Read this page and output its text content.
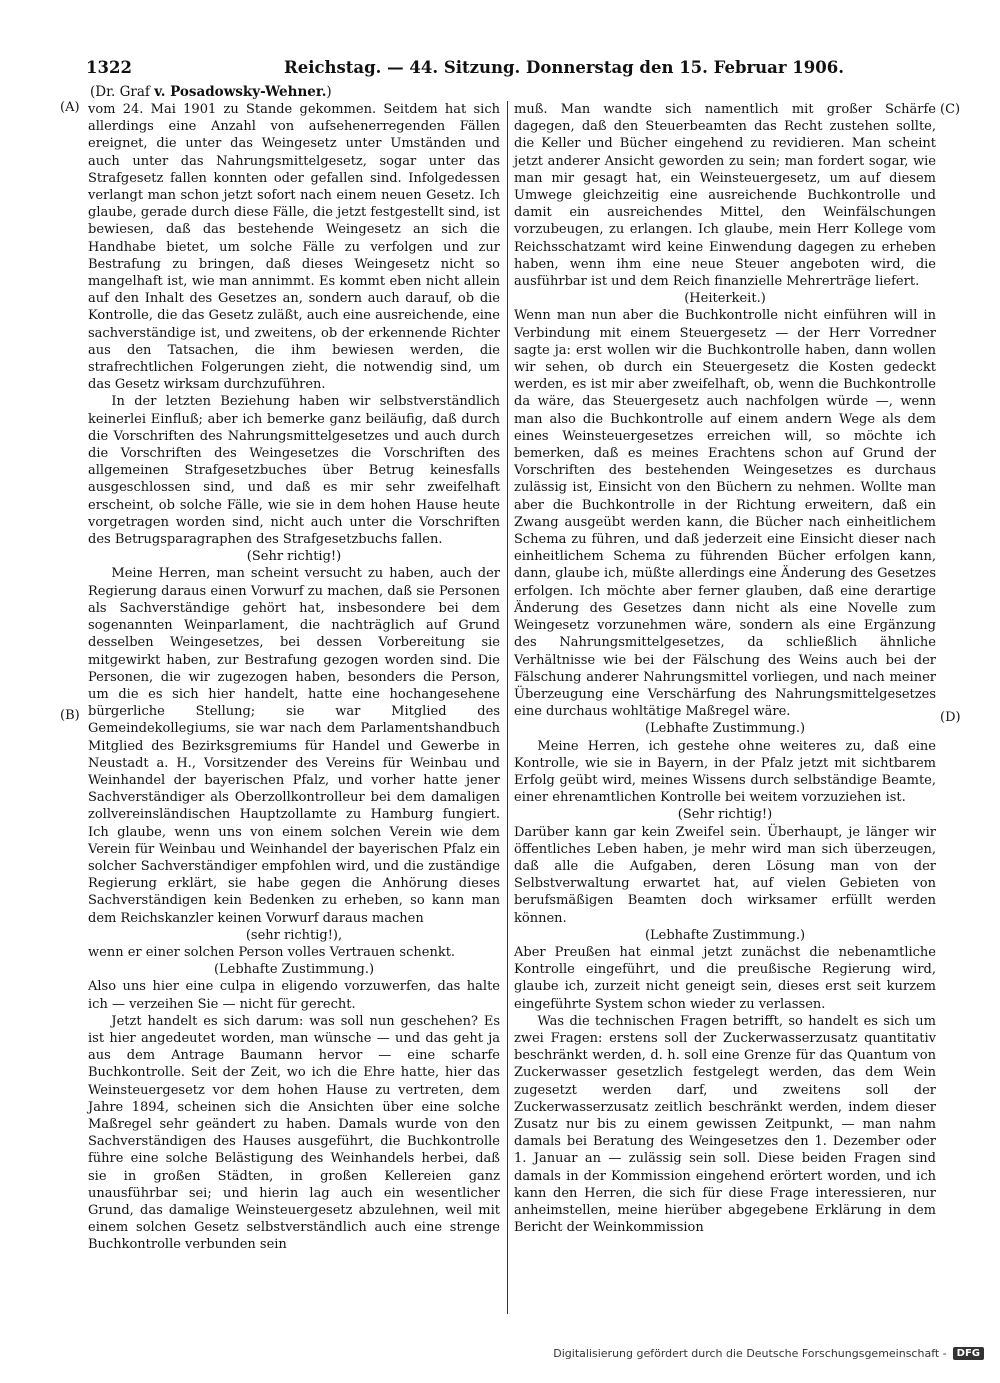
1322	Reichstag. — 44. Sitzung. Donnerstag den 15. Februar 1906.
(Dr. Graf v. Posadowsky-Wehner.)
(A)
(B)
(C)
(D)

vom 24. Mai 1901 zu Stande gekommen. Seitdem hat sich allerdings eine Anzahl von aufsehenerregenden Fällen ereignet, die unter das Weingesetz unter Umständen und auch unter das Nahrungsmittelgesetz, sogar unter das Strafgesetz fallen konnten oder gefallen sind. Infolgedessen verlangt man schon jetzt sofort nach einem neuen Gesetz. Ich glaube, gerade durch diese Fälle, die jetzt festgestellt sind, ist bewiesen, daß das bestehende Weingesetz an sich die Handhabe bietet, um solche Fälle zu verfolgen und zur Bestrafung zu bringen, daß dieses Weingesetz nicht so mangelhaft ist, wie man annimmt. Es kommt eben nicht allein auf den Inhalt des Gesetzes an, sondern auch darauf, ob die Kontrolle, die das Gesetz zuläßt, auch eine ausreichende, eine sachverständige ist, und zweitens, ob der erkennende Richter aus den Tatsachen, die ihm bewiesen werden, die strafrechtlichen Folgerungen zieht, die notwendig sind, um das Gesetz wirksam durchzuführen.

In der letzten Beziehung haben wir selbstverständlich keinerlei Einfluß; aber ich bemerke ganz beiläufig, daß durch die Vorschriften des Nahrungsmittelgesetzes und auch durch die Vorschriften des Weingesetzes die Vorschriften des allgemeinen Strafgesetzbuches über Betrug keinesfalls ausgeschlossen sind, und daß es mir sehr zweifelhaft erscheint, ob solche Fälle, wie sie in dem hohen Hause heute vorgetragen worden sind, nicht auch unter die Vorschriften des Betrugsparagraphen des Strafgesetzbuchs fallen.

(Sehr richtig!)

Meine Herren, man scheint versucht zu haben, auch der Regierung daraus einen Vorwurf zu machen, daß sie Personen als Sachverständige gehört hat, insbesondere bei dem sogenannten Weinparlament, die nachträglich auf Grund desselben Weingesetzes, bei dessen Vorbereitung sie mitgewirkt haben, zur Bestrafung gezogen worden sind. Die Personen, die wir zugezogen haben, besonders die Person, um die es sich hier handelt, hatte eine hochangesehene bürgerliche Stellung; sie war Mitglied des Gemeindekollegiums, sie war nach dem Parlamentshandbuch Mitglied des Bezirksgremiums für Handel und Gewerbe in Neustadt a. H., Vorsitzender des Vereins für Weinbau und Weinhandel der bayerischen Pfalz, und vorher hatte jener Sachverständiger als Oberzollkontrolleur bei dem damaligen zollvereinsländischen Hauptzollamte zu Hamburg fungiert. Ich glaube, wenn uns von einem solchen Verein wie dem Verein für Weinbau und Weinhandel der bayerischen Pfalz ein solcher Sachverständiger empfohlen wird, und die zuständige Regierung erklärt, sie habe gegen die Anhörung dieses Sachverständigen kein Bedenken zu erheben, so kann man dem Reichskanzler keinen Vorwurf daraus machen

(sehr richtig!),

wenn er einer solchen Person volles Vertrauen schenkt.

(Lebhafte Zustimmung.)

Also uns hier eine culpa in eligendo vorzuwerfen, das halte ich — verzeihen Sie — nicht für gerecht.

Jetzt handelt es sich darum: was soll nun geschehen? Es ist hier angedeutet worden, man wünsche — und das geht ja aus dem Antrage Baumann hervor — eine scharfe Buchkontrolle. Seit der Zeit, wo ich die Ehre hatte, hier das Weinsteuergesetz vor dem hohen Hause zu vertreten, dem Jahre 1894, scheinen sich die Ansichten über eine solche Maßregel sehr geändert zu haben. Damals wurde von den Sachverständigen des Hauses ausgeführt, die Buchkontrolle führe eine solche Belästigung des Weinhandels herbei, daß sie in großen Städten, in großen Kellereien ganz unausführbar sei; und hierin lag auch ein wesentlicher Grund, das damalige Weinsteuergesetz abzulehnen, weil mit einem solchen Gesetz selbstverständlich auch eine strenge Buchkontrolle verbunden sein

muß. Man wandte sich namentlich mit großer Schärfe dagegen, daß den Steuerbeamten das Recht zustehen sollte, die Keller und Bücher eingehend zu revidieren. Man scheint jetzt anderer Ansicht geworden zu sein; man fordert sogar, wie man mir gesagt hat, ein Weinsteuergesetz, um auf diesem Umwege gleichzeitig eine ausreichende Buchkontrolle und damit ein ausreichendes Mittel, den Weinfälschungen vorzubeugen, zu erlangen. Ich glaube, mein Herr Kollege vom Reichsschatzamt wird keine Einwendung dagegen zu erheben haben, wenn ihm eine neue Steuer angeboten wird, die ausführbar ist und dem Reich finanzielle Mehrerträge liefert.

(Heiterkeit.)

Wenn man nun aber die Buchkontrolle nicht einführen will in Verbindung mit einem Steuergesetz — der Herr Vorredner sagte ja: erst wollen wir die Buchkontrolle haben, dann wollen wir sehen, ob durch ein Steuergesetz die Kosten gedeckt werden, es ist mir aber zweifelhaft, ob, wenn die Buchkontrolle da wäre, das Steuergesetz auch nachfolgen würde —, wenn man also die Buchkontrolle auf einem andern Wege als dem eines Weinsteuergesetzes erreichen will, so möchte ich bemerken, daß es meines Erachtens schon auf Grund der Vorschriften des bestehenden Weingesetzes es durchaus zulässig ist, Einsicht von den Büchern zu nehmen. Wollte man aber die Buchkontrolle in der Richtung erweitern, daß ein Zwang ausgeübt werden kann, die Bücher nach einheitlichem Schema zu führen, und daß jederzeit eine Einsicht dieser nach einheitlichem Schema zu führenden Bücher erfolgen kann, dann, glaube ich, müßte allerdings eine Änderung des Gesetzes erfolgen. Ich möchte aber ferner glauben, daß eine derartige Änderung des Gesetzes dann nicht als eine Novelle zum Weingesetz vorzunehmen wäre, sondern als eine Ergänzung des Nahrungsmittelgesetzes, da schließlich ähnliche Verhältnisse wie bei der Fälschung des Weins auch bei der Fälschung anderer Nahrungsmittel vorliegen, und nach meiner Überzeugung eine Verschärfung des Nahrungsmittelgesetzes eine durchaus wohltätige Maßregel wäre.

(Lebhafte Zustimmung.)

Meine Herren, ich gestehe ohne weiteres zu, daß eine Kontrolle, wie sie in Bayern, in der Pfalz jetzt mit sichtbarem Erfolg geübt wird, meines Wissens durch selbständige Beamte, einer ehrenamtlichen Kontrolle bei weitem vorzuziehen ist.

(Sehr richtig!)

Darüber kann gar kein Zweifel sein. Überhaupt, je länger wir öffentliches Leben haben, je mehr wird man sich überzeugen, daß alle die Aufgaben, deren Lösung man von der Selbstverwaltung erwartet hat, auf vielen Gebieten von berufsmäßigen Beamten doch wirksamer erfüllt werden können.

(Lebhafte Zustimmung.)

Aber Preußen hat einmal jetzt zunächst die nebenamtliche Kontrolle eingeführt, und die preußische Regierung wird, glaube ich, zurzeit nicht geneigt sein, dieses erst seit kurzem eingeführte System schon wieder zu verlassen.

Was die technischen Fragen betrifft, so handelt es sich um zwei Fragen: erstens soll der Zuckerwasserzusatz quantitativ beschränkt werden, d. h. soll eine Grenze für das Quantum von Zuckerwasser gesetzlich festgelegt werden, das dem Wein zugesetzt werden darf, und zweitens soll der Zuckerwasserzusatz zeitlich beschränkt werden, indem dieser Zusatz nur bis zu einem gewissen Zeitpunkt, — man nahm damals bei Beratung des Weingesetzes den 1. Dezember oder 1. Januar an — zulässig sein soll. Diese beiden Fragen sind damals in der Kommission eingehend erörtert worden, und ich kann den Herren, die sich für diese Frage interessieren, nur anheimstellen, meine hierüber abgegebene Erklärung in dem Bericht der Weinkommission

Digitalisierung gefördert durch die Deutsche Forschungsgemeinschaft -	DFG
